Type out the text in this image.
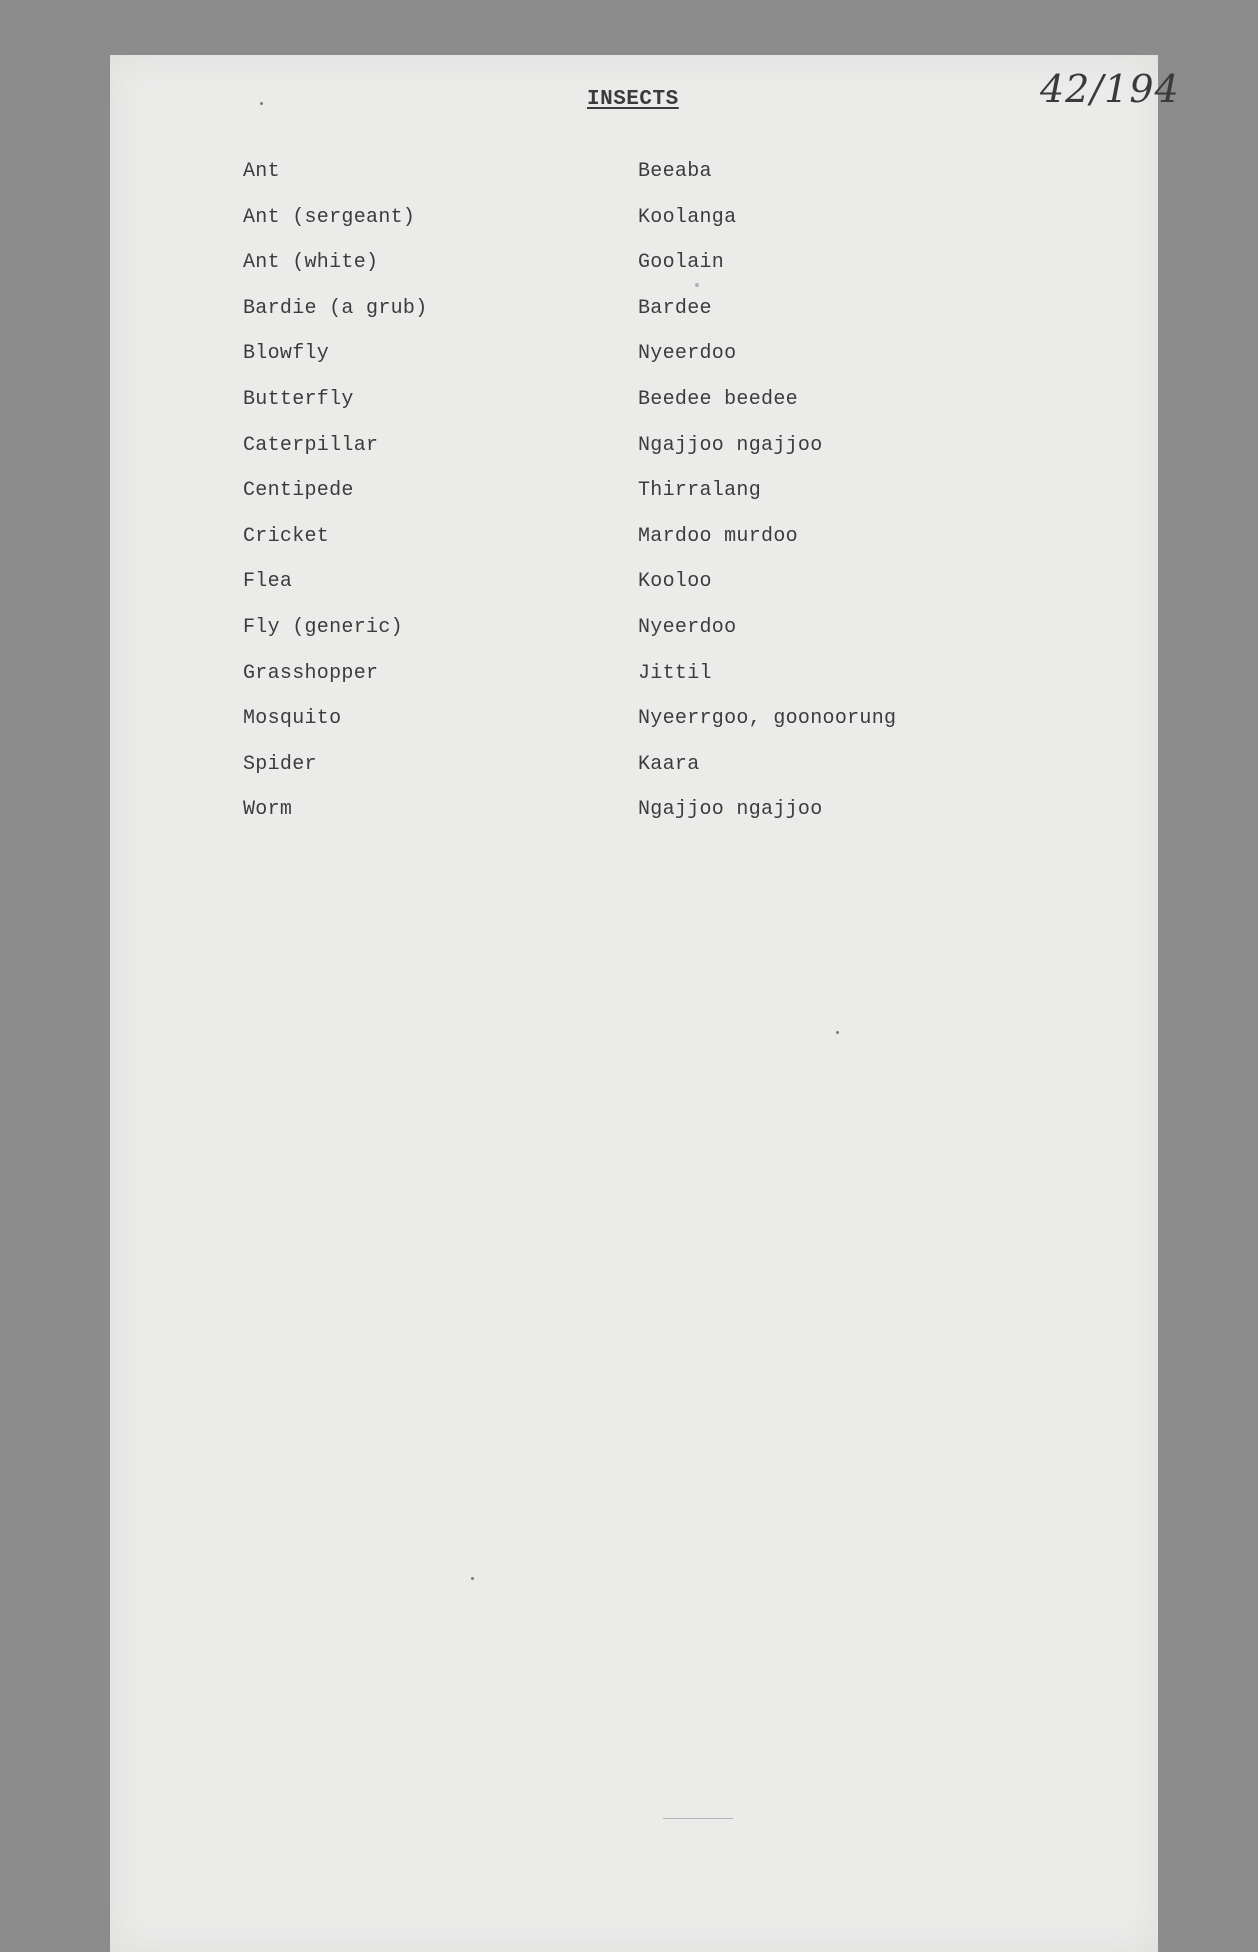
42/194
INSECTS
Ant	Beeaba
Ant (sergeant)	Koolanga
Ant (white)	Goolain
Bardie (a grub)	Bardee
Blowfly	Nyeerdoo
Butterfly	Beedee beedee
Caterpillar	Ngajjoo ngajjoo
Centipede	Thirralang
Cricket	Mardoo murdoo
Flea	Kooloo
Fly (generic)	Nyeerdoo
Grasshopper	Jittil
Mosquito	Nyeerrgoo, goonoorung
Spider	Kaara
Worm	Ngajjoo ngajjoo
